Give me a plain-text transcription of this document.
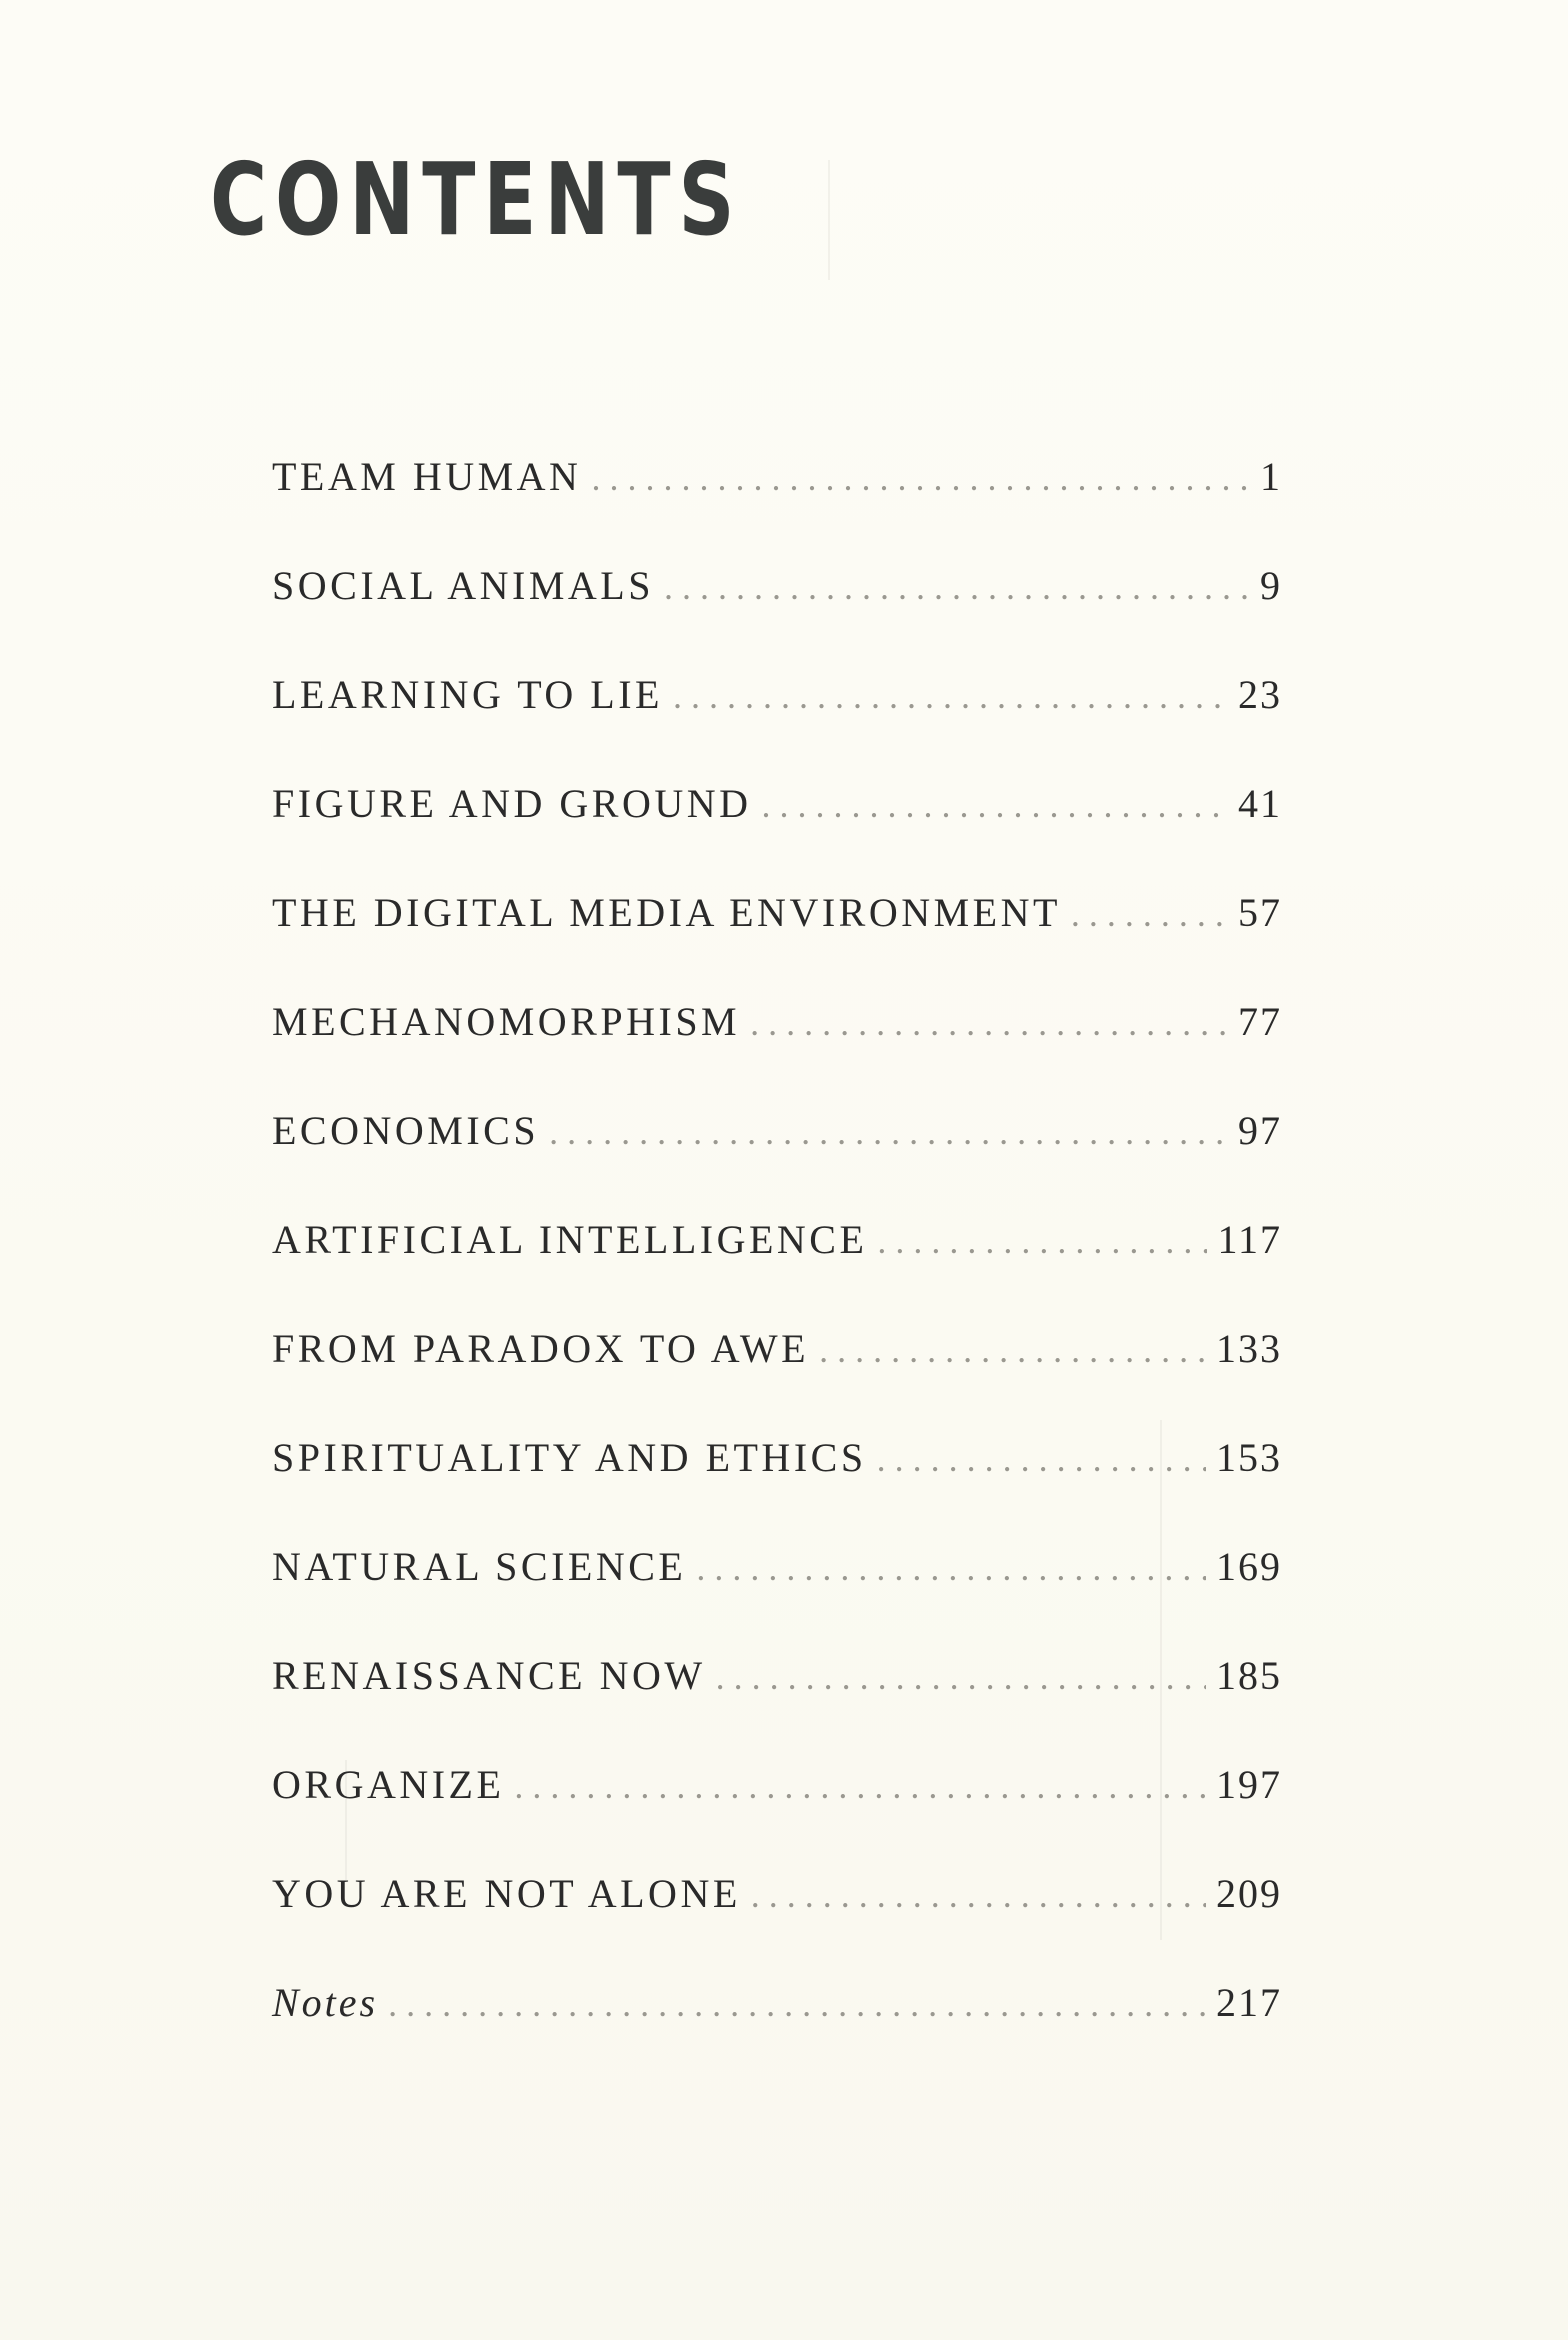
CONTENTS
TEAM HUMAN . . .	1
SOCIAL ANIMALS . . .	9
LEARNING TO LIE . . .	23
FIGURE AND GROUND . . .	41
THE DIGITAL MEDIA ENVIRONMENT . . .	57
MECHANOMORPHISM . . .	77
ECONOMICS . . .	97
ARTIFICIAL INTELLIGENCE . . .	117
FROM PARADOX TO AWE . . .	133
SPIRITUALITY AND ETHICS . . .	153
NATURAL SCIENCE . . .	169
RENAISSANCE NOW . . .	185
ORGANIZE . . .	197
YOU ARE NOT ALONE . . .	209
Notes . . .	217
